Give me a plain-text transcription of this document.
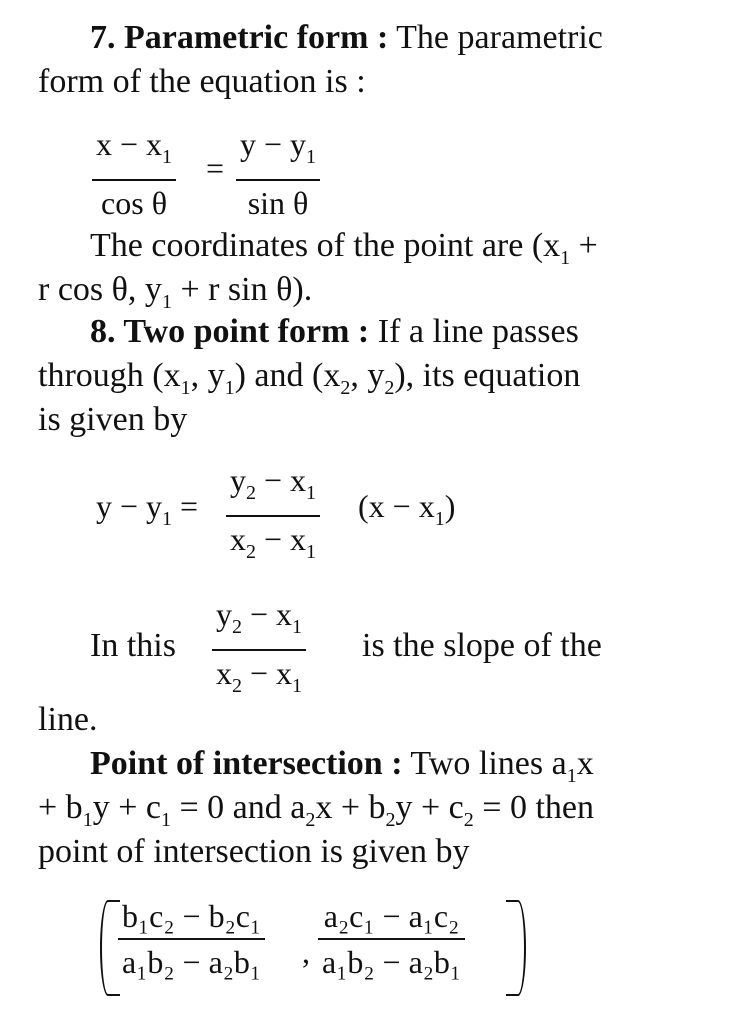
7. Parametric form : The parametric
form of the equation is :
$x - x_1$
cos θ
=
$y - y_1$
sin θ
The coordinates of the point are ($x_1$ +
r cos θ, $y_1 + r$ sin θ).
8. Two point form : If a line passes
through ($x_1$, $y_1$) and ($x_2$, $y_2$), its equation
is given by
$y - y_1$ =
$y_2 - x_1$
$x_2 - x_1$
$(x - x_1)$
In this
$y_2 - x_1$
$x_2 - x_1$
is the slope of the
line.
Point of intersection : Two lines $a_1x$
+ $b_1y + c_1 = 0$ and $a_2x + b_2y + c_2 = 0$ then
point of intersection is given by
b₁c₂ − b₂c₁
a₁b₂ − a₂b₁ ,
a₂c₁ − a₁c₂
a₁b₂ − a₂b₁
